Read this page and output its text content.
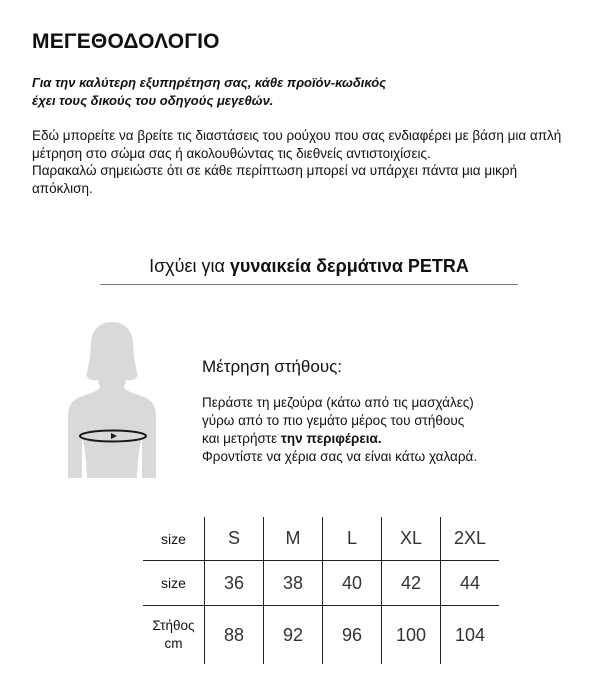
ΜΕΓΕΘΟΔΟΛΟΓΙΟ
Για την καλύτερη εξυπηρέτηση σας, κάθε προϊόν-κωδικός
έχει τους δικούς του οδηγούς μεγεθών.

Εδώ μπορείτε να βρείτε τις διαστάσεις του ρούχου που σας ενδιαφέρει με βάση μια απλή μέτρηση στο σώμα σας ή ακολουθώντας τις διεθνείς αντιστοιχίσεις.

Παρακαλώ σημειώστε ότι σε κάθε περίπτωση μπορεί να υπάρχει πάντα μια μικρή απόκλιση.

Ισχύει για γυναικεία δερμάτινα PETRA
Μέτρηση στήθους:
Περάστε τη μεζούρα (κάτω από τις μασχάλες)
γύρω από το πιο γεμάτο μέρος του στήθους
και μετρήστε την περιφέρεια.
Φροντίστε να χέρια σας να είναι κάτω χαλαρά.
size	S	M	L	XL	2XL
size	36	38	40	42	44

Στήθος
cm	88	92	96	100	104
